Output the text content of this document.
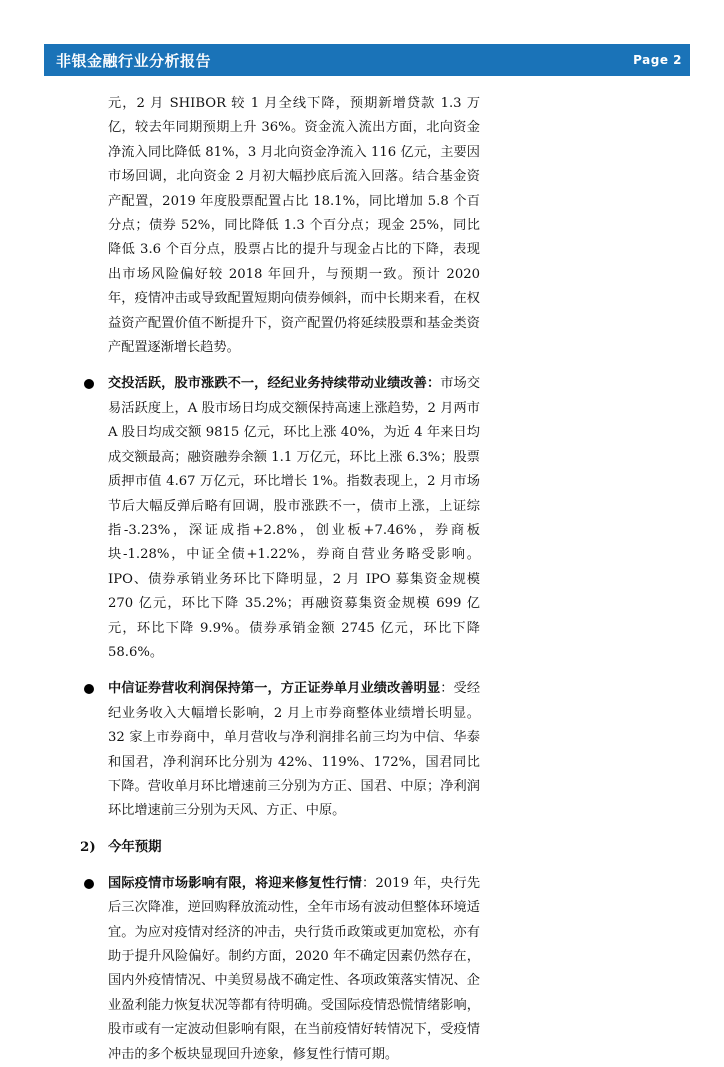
非银金融行业分析报告	Page 2

元，2 月 SHIBOR 较 1 月全线下降，预期新增贷款 1.3 万亿，较去年同期预期上升 36%。资金流入流出方面，北向资金净流入同比降低 81%，3 月北向资金净流入 116 亿元，主要因市场回调，北向资金 2 月初大幅抄底后流入回落。结合基金资产配置，2019 年度股票配置占比 18.1%，同比增加 5.8 个百分点；债券 52%，同比降低 1.3 个百分点；现金 25%，同比降低 3.6 个百分点，股票占比的提升与现金占比的下降，表现出市场风险偏好较 2018 年回升，与预期一致。预计 2020 年，疫情冲击或导致配置短期向债券倾斜，而中长期来看，在权益资产配置价值不断提升下，资产配置仍将延续股票和基金类资产配置逐渐增长趋势。

交投活跃，股市涨跌不一，经纪业务持续带动业绩改善：市场交易活跃度上，A 股市场日均成交额保持高速上涨趋势，2 月两市 A 股日均成交额 9815 亿元，环比上涨 40%，为近 4 年来日均成交额最高；融资融券余额 1.1 万亿元，环比上涨 6.3%；股票质押市值 4.67 万亿元，环比增长 1%。指数表现上，2 月市场节后大幅反弹后略有回调，股市涨跌不一，债市上涨，上证综指-3.23%，深证成指+2.8%，创业板+7.46%，券商板块-1.28%，中证全债+1.22%，券商自营业务略受影响。IPO、债券承销业务环比下降明显，2 月 IPO 募集资金规模 270 亿元，环比下降 35.2%；再融资募集资金规模 699 亿元，环比下降 9.9%。债券承销金额 2745 亿元，环比下降 58.6%。
中信证券营收利润保持第一，方正证券单月业绩改善明显：受经纪业务收入大幅增长影响，2 月上市券商整体业绩增长明显。32 家上市券商中，单月营收与净利润排名前三均为中信、华泰和国君，净利润环比分别为 42%、119%、172%，国君同比下降。营收单月环比增速前三分别为方正、国君、中原；净利润环比增速前三分别为天风、方正、中原。
2) 今年预期
国际疫情市场影响有限，将迎来修复性行情：2019 年，央行先后三次降准，逆回购释放流动性，全年市场有波动但整体环境适宜。为应对疫情对经济的冲击，央行货币政策或更加宽松，亦有助于提升风险偏好。制约方面，2020 年不确定因素仍然存在，国内外疫情情况、中美贸易战不确定性、各项政策落实情况、企业盈利能力恢复状况等都有待明确。受国际疫情恐慌情绪影响，股市或有一定波动但影响有限，在当前疫情好转情况下，受疫情冲击的多个板块显现回升迹象，修复性行情可期。
